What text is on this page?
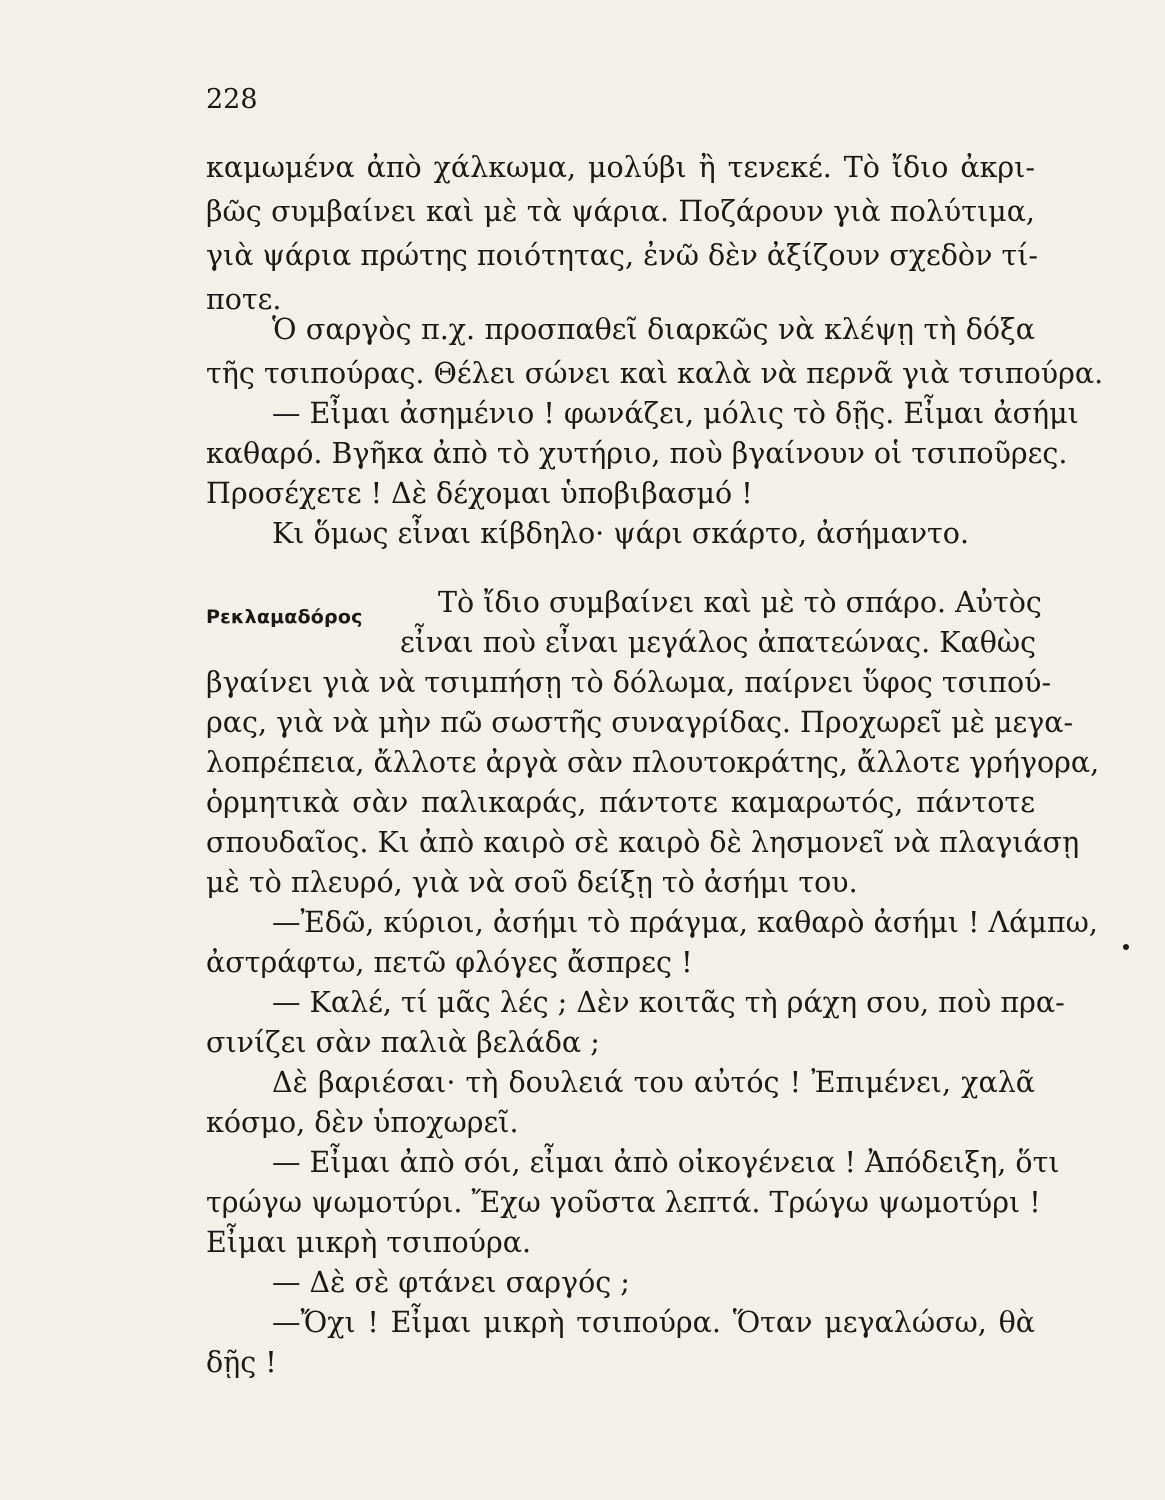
228
Ρεκλαμαδόρος
καμωμένα ἀπὸ χάλκωμα, μολύβι ἢ τενεκέ. Τὸ ἴδιο ἀκρι-
βῶς συμβαίνει καὶ μὲ τὰ ψάρια. Ποζάρουν γιὰ πολύτιμα,
γιὰ ψάρια πρώτης ποιότητας, ἐνῶ δὲν ἀξίζουν σχεδὸν τί-
ποτε.
Ὁ σαργὸς π.χ. προσπαθεῖ διαρκῶς νὰ κλέψῃ τὴ δόξα
τῆς τσιπούρας. Θέλει σώνει καὶ καλὰ νὰ περνᾶ γιὰ τσιπούρα.
— Εἶμαι ἀσημένιο ! φωνάζει, μόλις τὸ δῇς. Εἶμαι ἀσήμι
καθαρό. Βγῆκα ἀπὸ τὸ χυτήριο, ποὺ βγαίνουν οἱ τσιποῦρες.
Προσέχετε ! Δὲ δέχομαι ὑποβιβασμό !
Κι ὅμως εἶναι κίβδηλο· ψάρι σκάρτο, ἀσήμαντο.
Τὸ ἴδιο συμβαίνει καὶ μὲ τὸ σπάρο. Αὐτὸς
εἶναι ποὺ εἶναι μεγάλος ἀπατεώνας. Καθὼς
βγαίνει γιὰ νὰ τσιμπήσῃ τὸ δόλωμα, παίρνει ὕφος τσιπού-
ρας, γιὰ νὰ μὴν πῶ σωστῆς συναγρίδας. Προχωρεῖ μὲ μεγα-
λοπρέπεια, ἄλλοτε ἀργὰ σὰν πλουτοκράτης, ἄλλοτε γρήγορα,
ὁρμητικὰ σὰν παλικαράς, πάντοτε καμαρωτός, πάντοτε
σπουδαῖος. Κι ἀπὸ καιρὸ σὲ καιρὸ δὲ λησμονεῖ νὰ πλαγιάσῃ
μὲ τὸ πλευρό, γιὰ νὰ σοῦ δείξῃ τὸ ἀσήμι του.
—Ἐδῶ, κύριοι, ἀσήμι τὸ πράγμα, καθαρὸ ἀσήμι ! Λάμπω,
ἀστράφτω, πετῶ φλόγες ἄσπρες !
— Καλέ, τί μᾶς λές ; Δὲν κοιτᾶς τὴ ράχη σου, ποὺ πρα-
σινίζει σὰν παλιὰ βελάδα ;
Δὲ βαριέσαι· τὴ δουλειά του αὐτός ! Ἐπιμένει, χαλᾶ
κόσμο, δὲν ὑποχωρεῖ.
— Εἶμαι ἀπὸ σόι, εἶμαι ἀπὸ οἰκογένεια ! Ἀπόδειξη, ὅτι
τρώγω ψωμοτύρι. Ἔχω γοῦστα λεπτά. Τρώγω ψωμοτύρι !
Εἶμαι μικρὴ τσιπούρα.
— Δὲ σὲ φτάνει σαργός ;
—Ὄχι ! Εἶμαι μικρὴ τσιπούρα. Ὅταν μεγαλώσω, θὰ
δῇς !
